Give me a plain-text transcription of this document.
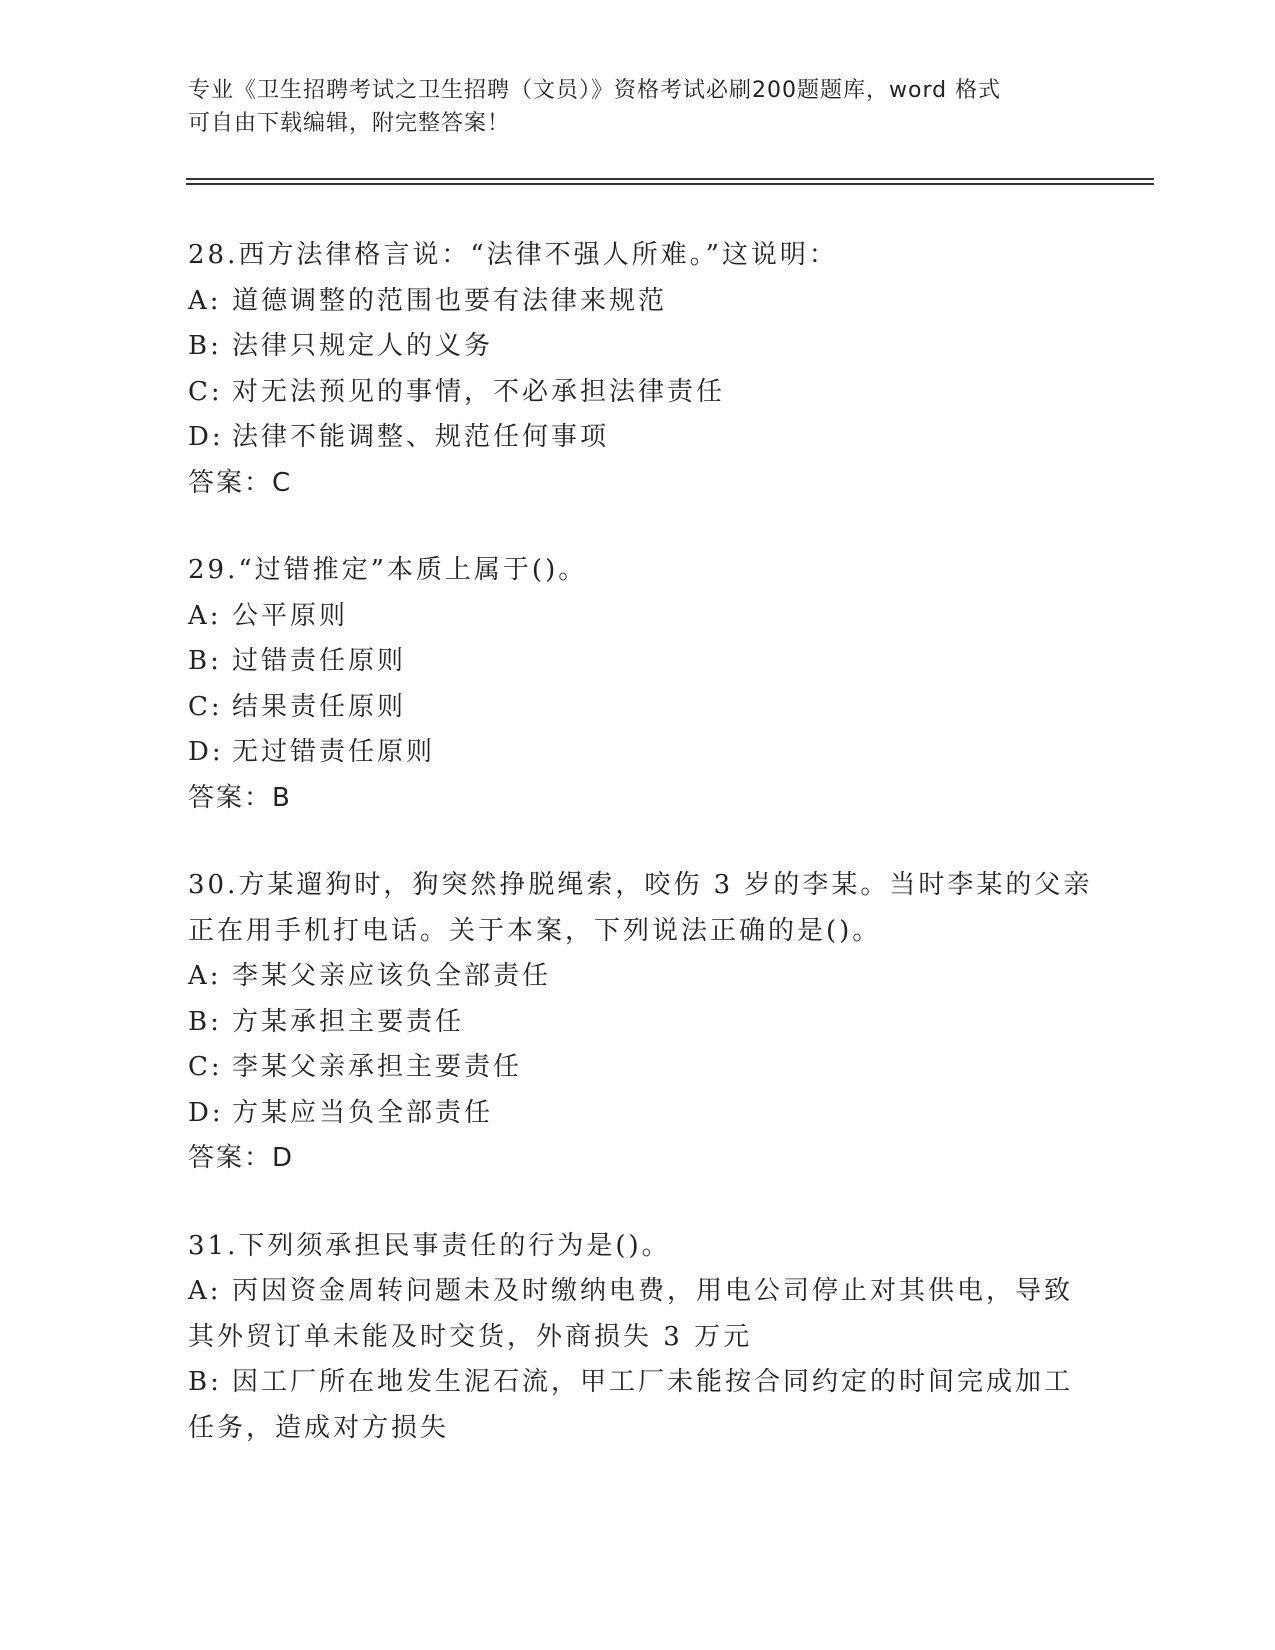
专业《卫生招聘考试之卫生招聘（文员）》资格考试必刷200题题库，word 格式
可自由下载编辑，附完整答案！
28.西方法律格言说：“法律不强人所难。”这说明：
A: 道德调整的范围也要有法律来规范
B: 法律只规定人的义务
C: 对无法预见的事情，不必承担法律责任
D: 法律不能调整、规范任何事项
答案：C
29.“过错推定”本质上属于()。
A: 公平原则
B: 过错责任原则
C: 结果责任原则
D: 无过错责任原则
答案：B
30.方某遛狗时，狗突然挣脱绳索，咬伤 3 岁的李某。当时李某的父亲
正在用手机打电话。关于本案，下列说法正确的是()。
A: 李某父亲应该负全部责任
B: 方某承担主要责任
C: 李某父亲承担主要责任
D: 方某应当负全部责任
答案：D
31.下列须承担民事责任的行为是()。
A: 丙因资金周转问题未及时缴纳电费，用电公司停止对其供电，导致
其外贸订单未能及时交货，外商损失 3 万元
B: 因工厂所在地发生泥石流，甲工厂未能按合同约定的时间完成加工
任务，造成对方损失
